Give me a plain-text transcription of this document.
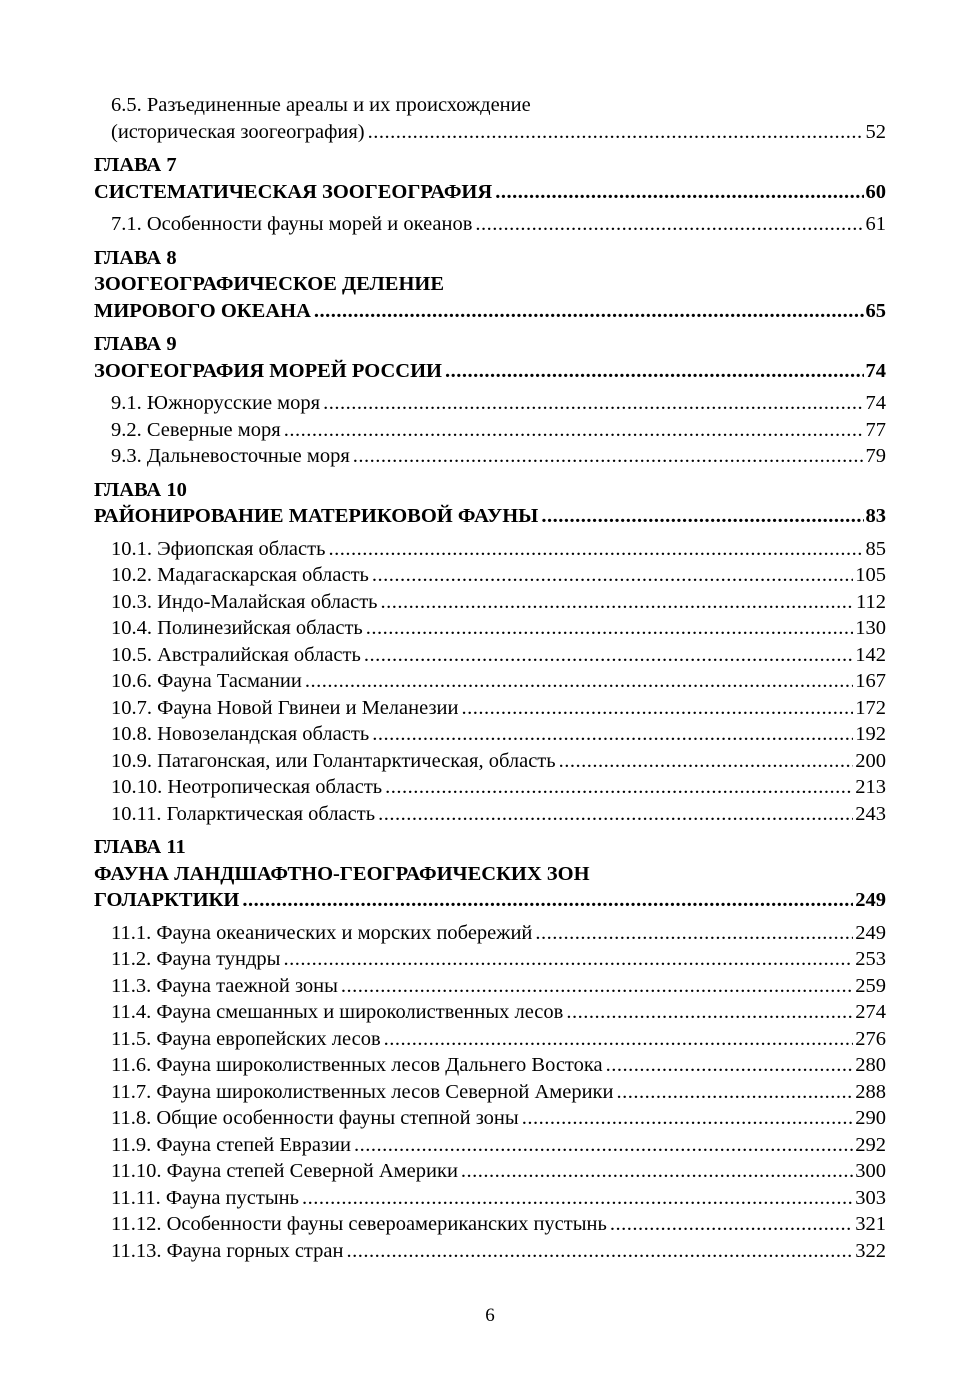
6.5. Разъединенные ареалы и их происхождение
(историческая зоогеография) .....	52
ГЛАВА 7
СИСТЕМАТИЧЕСКАЯ ЗООГЕОГРАФИЯ .....	60
7.1. Особенности фауны морей и океанов .....	61
ГЛАВА 8
ЗООГЕОГРАФИЧЕСКОЕ ДЕЛЕНИЕ
МИРОВОГО ОКЕАНА .....	65
ГЛАВА 9
ЗООГЕОГРАФИЯ МОРЕЙ РОССИИ .....	74
9.1. Южнорусские моря .....	74
9.2. Северные моря .....	77
9.3. Дальневосточные моря .....	79
ГЛАВА 10
РАЙОНИРОВАНИЕ МАТЕРИКОВОЙ ФАУНЫ .....	83
10.1. Эфиопская область .....	85
10.2. Мадагаскарская область .....	105
10.3. Индо-Малайская область .....	112
10.4. Полинезийская область .....	130
10.5. Австралийская область .....	142
10.6. Фауна Тасмании .....	167
10.7. Фауна Новой Гвинеи и Меланезии .....	172
10.8. Новозеландская область .....	192
10.9. Патагонская, или Голантарктическая, область .....	200
10.10. Неотропическая область .....	213
10.11. Голарктическая область .....	243
ГЛАВА 11
ФАУНА ЛАНДШАФТНО-ГЕОГРАФИЧЕСКИХ ЗОН
ГОЛАРКТИКИ .....	249
11.1. Фауна океанических и морских побережий .....	249
11.2. Фауна тундры .....	253
11.3. Фауна таежной зоны .....	259
11.4. Фауна смешанных и широколиственных лесов .....	274
11.5. Фауна европейских лесов .....	276
11.6. Фауна широколиственных лесов Дальнего Востока .....	280
11.7. Фауна широколиственных лесов Северной Америки .....	288
11.8. Общие особенности фауны степной зоны .....	290
11.9. Фауна степей Евразии .....	292
11.10. Фауна степей Северной Америки .....	300
11.11. Фауна пустынь .....	303
11.12. Особенности фауны североамериканских пустынь .....	321
11.13. Фауна горных стран .....	322
6
